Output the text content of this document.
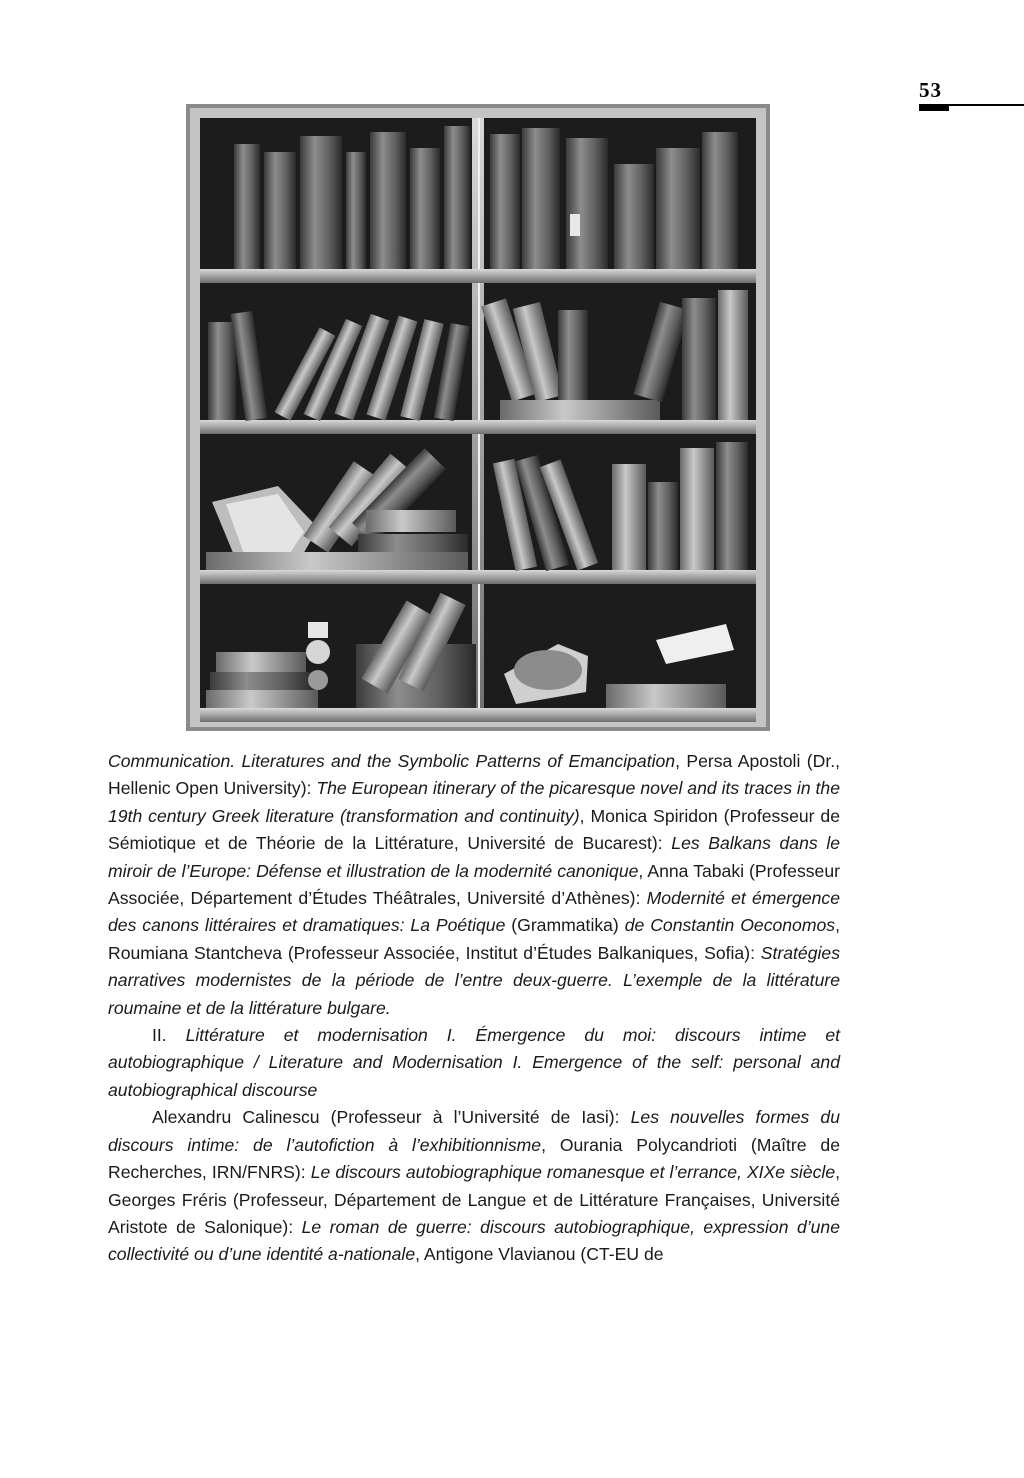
53

Communication. Literatures and the Symbolic Patterns of Emancipation, Persa Apostoli (Dr., Hellenic Open University): The European itinerary of the picaresque novel and its traces in the 19th century Greek literature (transformation and continuity), Monica Spiridon (Professeur de Sémiotique et de Théorie de la Littérature, Université de Bucarest): Les Balkans dans le miroir de l’Europe: Défense et illustration de la modernité canonique, Anna Tabaki (Professeur Associée, Département d’Études Théâtrales, Université d’Athènes): Modernité et émergence des canons littéraires et dramatiques: La Poétique (Grammatika) de Constantin Oeconomos, Roumiana Stantcheva (Professeur Associée, Institut d’Études Balkaniques, Sofia): Stratégies narratives modernistes de la période de l’entre deux-guerre. L’exemple de la littérature roumaine et de la littérature bulgare.

II. Littérature et modernisation I. Émergence du moi: discours intime et autobiographique / Literature and Modernisation I. Emergence of the self: personal and autobiographical discourse

Alexandru Calinescu (Professeur à l’Université de Iasi): Les nouvelles formes du discours intime: de l’autofiction à l’exhibitionnisme, Ourania Polycandrioti (Maître de Recherches, IRN/FNRS): Le discours autobiographique romanesque et l’errance, XIXe siècle, Georges Fréris (Professeur, Département de Langue et de Littérature Françaises, Université Aristote de Salonique): Le roman de guerre: discours autobiographique, expression d’une collectivité ou d’une identité a-nationale, Antigone Vlavianou (CT-EU de
